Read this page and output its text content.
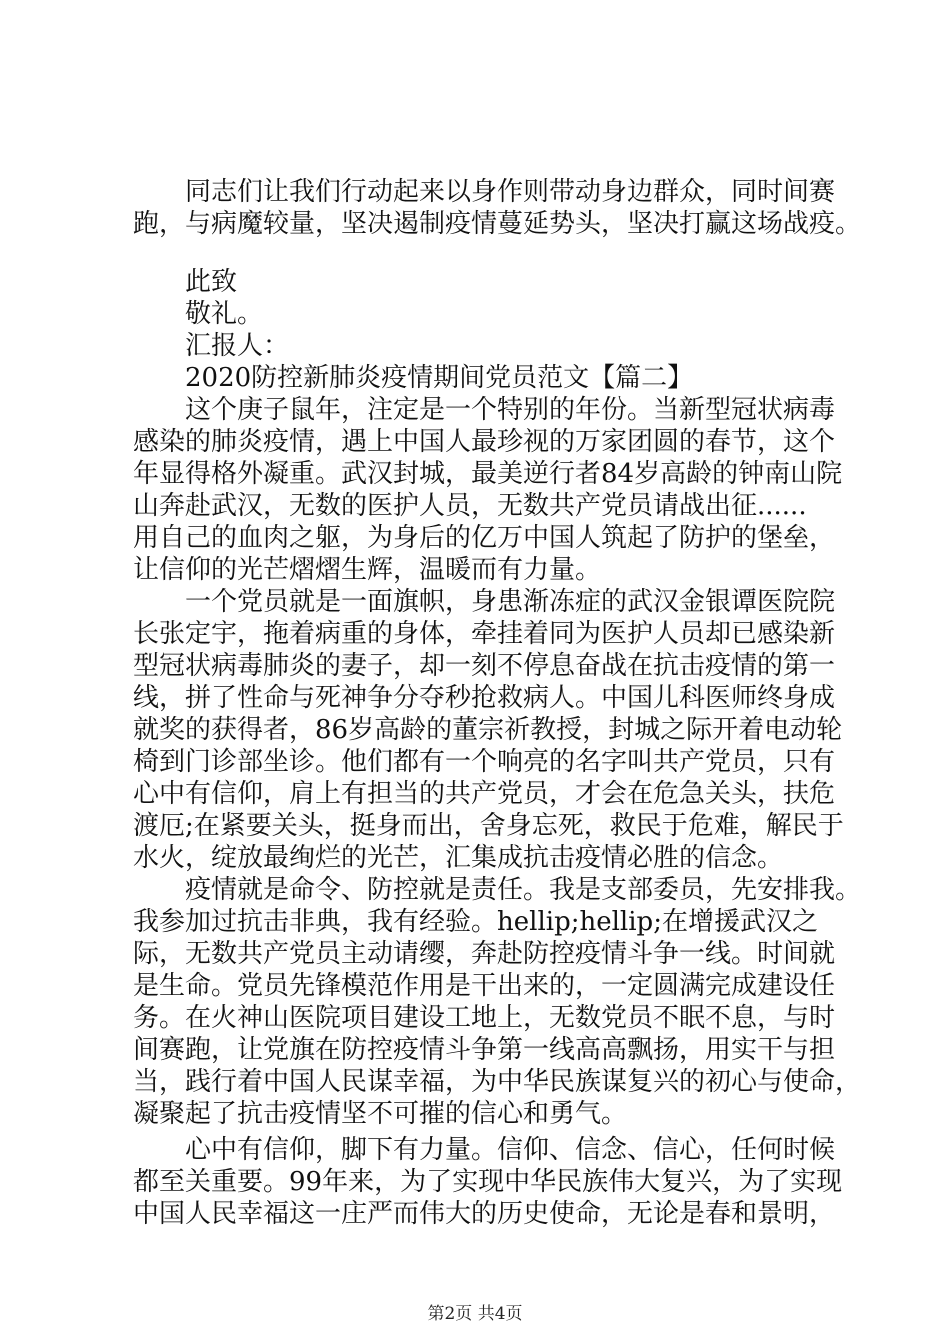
同志们让我们行动起来以身作则带动身边群众，同时间赛
跑，与病魔较量，坚决遏制疫情蔓延势头，坚决打赢这场战疫。
此致
敬礼。
汇报人：
2020防控新肺炎疫情期间党员范文【篇二】
这个庚子鼠年，注定是一个特别的年份。当新型冠状病毒
感染的肺炎疫情，遇上中国人最珍视的万家团圆的春节，这个
年显得格外凝重。武汉封城，最美逆行者84岁高龄的钟南山院
山奔赴武汉，无数的医护人员，无数共产党员请战出征......
用自己的血肉之躯，为身后的亿万中国人筑起了防护的堡垒，
让信仰的光芒熠熠生辉，温暖而有力量。
一个党员就是一面旗帜，身患渐冻症的武汉金银谭医院院
长张定宇，拖着病重的身体，牵挂着同为医护人员却已感染新
型冠状病毒肺炎的妻子，却一刻不停息奋战在抗击疫情的第一
线，拼了性命与死神争分夺秒抢救病人。中国儿科医师终身成
就奖的获得者，86岁高龄的董宗祈教授，封城之际开着电动轮
椅到门诊部坐诊。他们都有一个响亮的名字叫共产党员，只有
心中有信仰，肩上有担当的共产党员，才会在危急关头，扶危
渡厄;在紧要关头，挺身而出，舍身忘死，救民于危难，解民于
水火，绽放最绚烂的光芒，汇集成抗击疫情必胜的信念。
疫情就是命令、防控就是责任。我是支部委员，先安排我。
我参加过抗击非典，我有经验。hellip;hellip;在增援武汉之
际，无数共产党员主动请缨，奔赴防控疫情斗争一线。时间就
是生命。党员先锋模范作用是干出来的，一定圆满完成建设任
务。在火神山医院项目建设工地上，无数党员不眠不息，与时
间赛跑，让党旗在防控疫情斗争第一线高高飘扬，用实干与担
当，践行着中国人民谋幸福，为中华民族谋复兴的初心与使命，
凝聚起了抗击疫情坚不可摧的信心和勇气。
心中有信仰，脚下有力量。信仰、信念、信心，任何时候
都至关重要。99年来，为了实现中华民族伟大复兴，为了实现
中国人民幸福这一庄严而伟大的历史使命，无论是春和景明，
第2页 共4页
